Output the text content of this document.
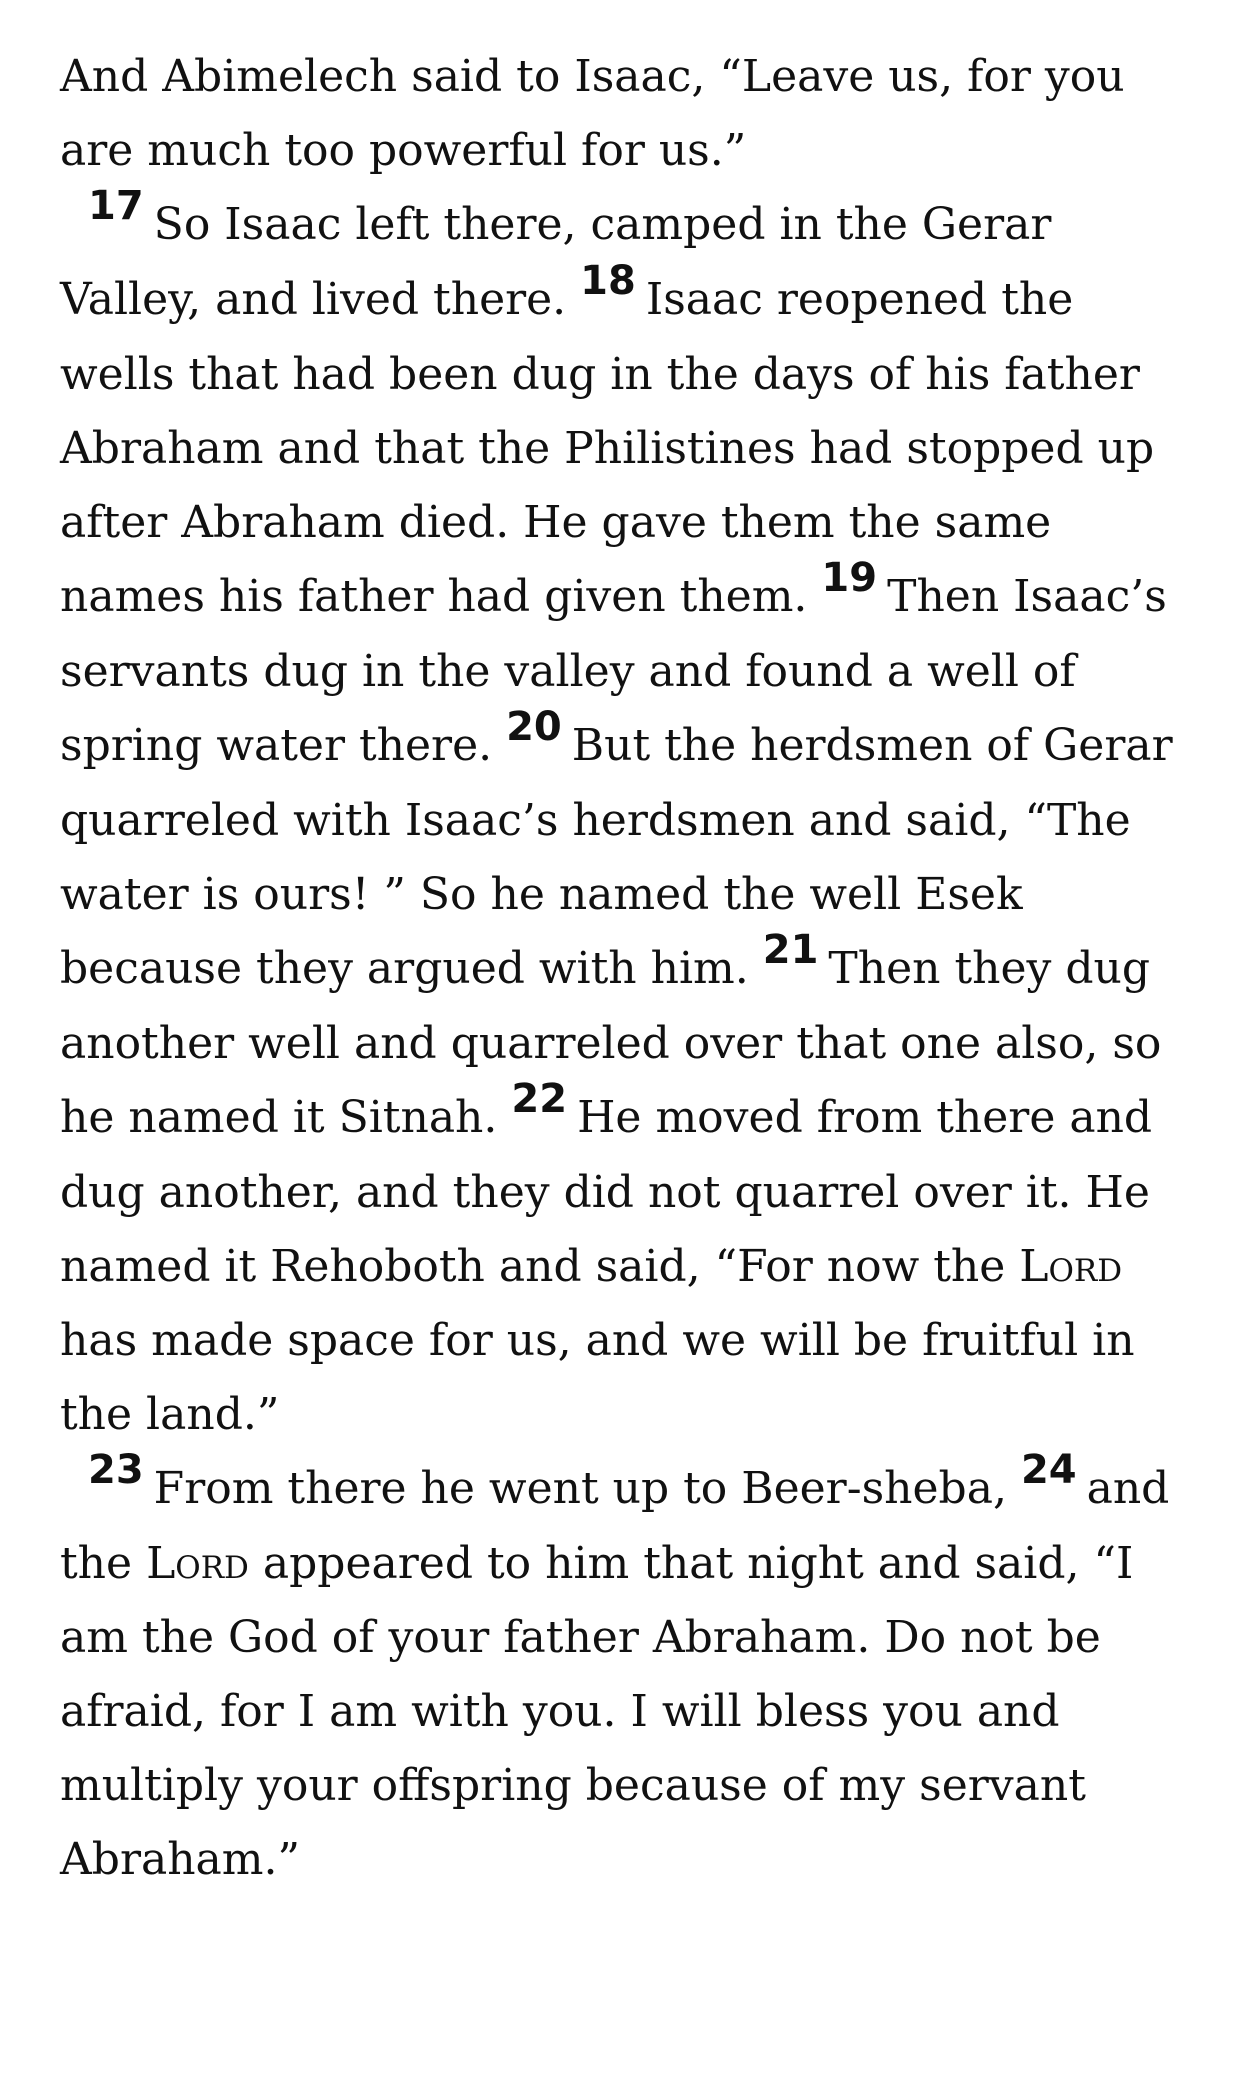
And Abimelech said to Isaac, “Leave us, for you are much too powerful for us.”

17 So Isaac left there, camped in the Gerar Valley, and lived there. 18 Isaac reopened the wells that had been dug in the days of his father Abraham and that the Philistines had stopped up after Abraham died. He gave them the same names his father had given them. 19 Then Isaac’s servants dug in the valley and found a well of spring water there. 20 But the herdsmen of Gerar quarreled with Isaac’s herdsmen and said, “The water is ours! ” So he named the well Esek because they argued with him. 21 Then they dug another well and quarreled over that one also, so he named it Sitnah. 22 He moved from there and dug another, and they did not quarrel over it. He named it Rehoboth and said, “For now the Lord has made space for us, and we will be fruitful in the land.”

23 From there he went up to Beer-sheba, 24 and the Lord appeared to him that night and said, “I am the God of your father Abraham. Do not be afraid, for I am with you. I will bless you and multiply your offspring because of my servant Abraham.”
